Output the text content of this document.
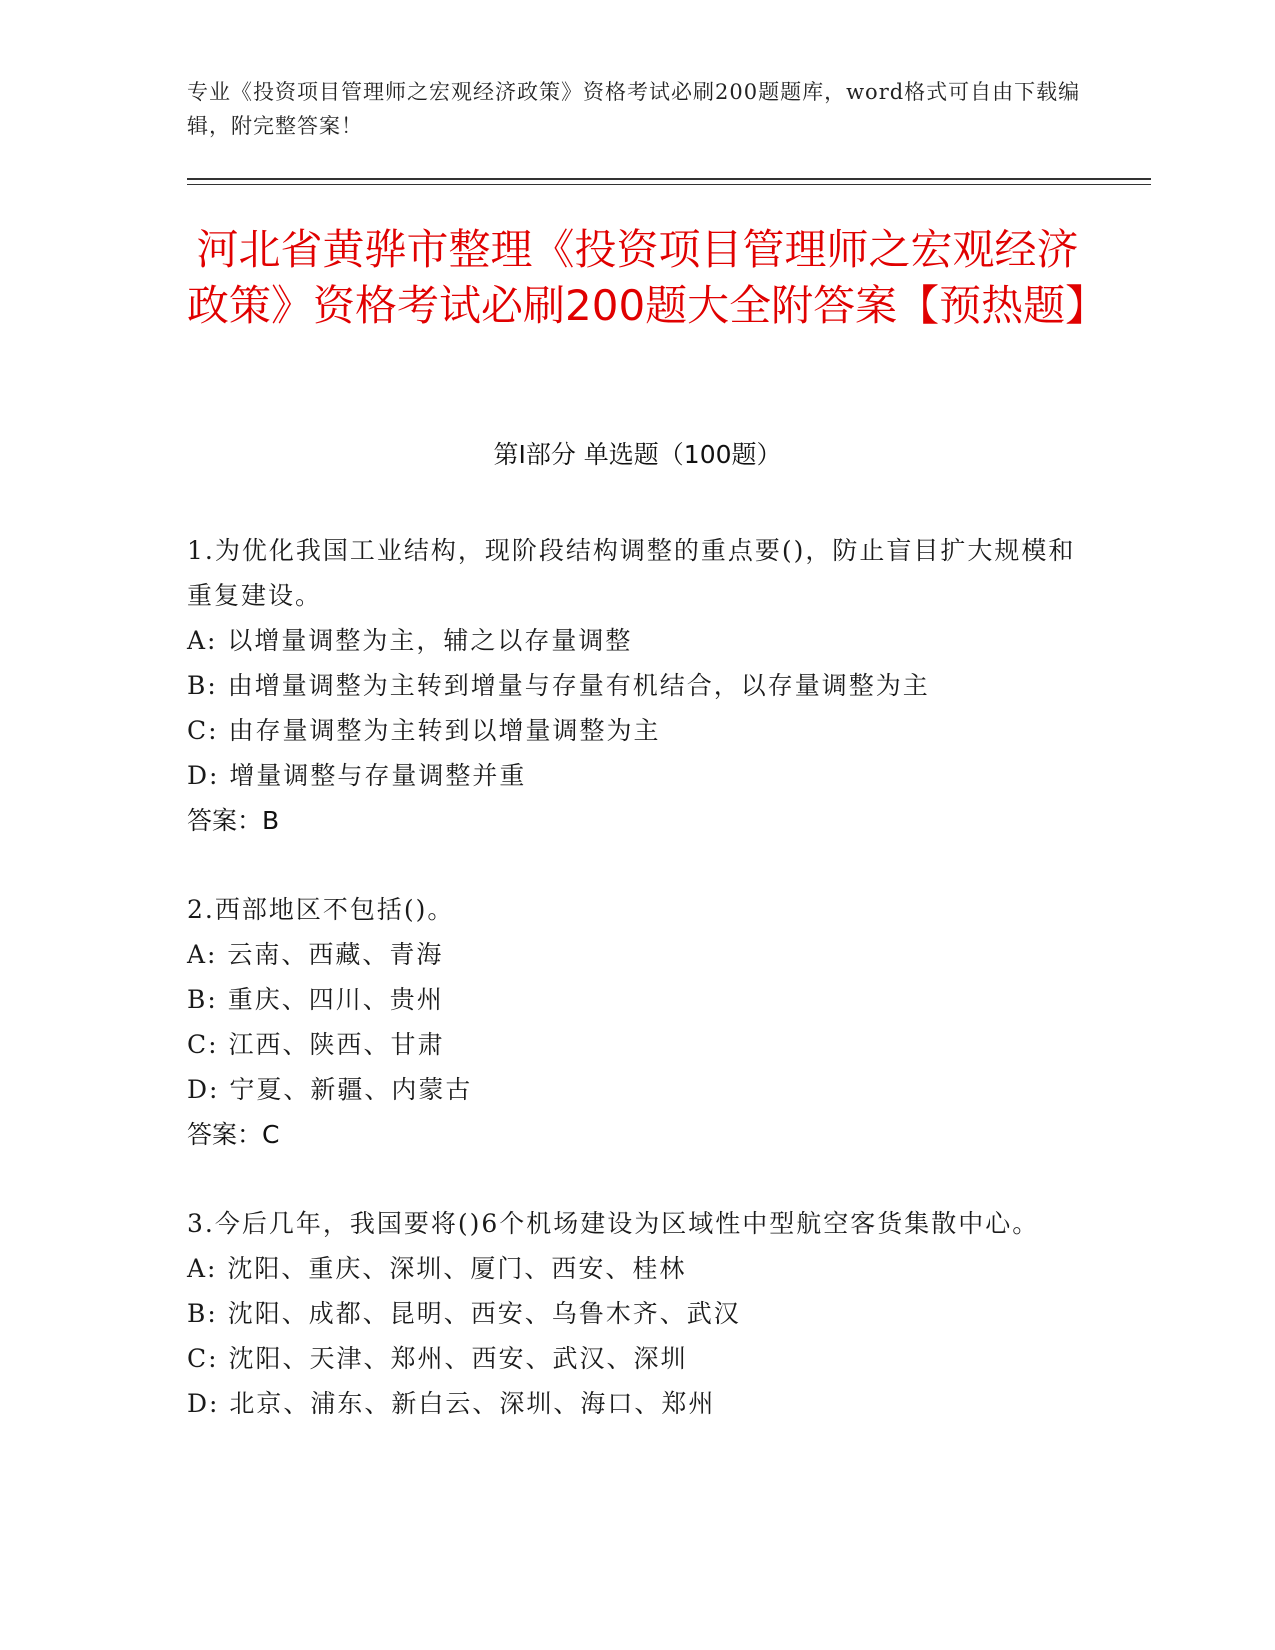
专业《投资项目管理师之宏观经济政策》资格考试必刷200题题库，word格式可自由下载编辑，附完整答案！
河北省黄骅市整理《投资项目管理师之宏观经济政策》资格考试必刷200题大全附答案【预热题】
第Ⅰ部分 单选题（100题）
1.为优化我国工业结构，现阶段结构调整的重点要()，防止盲目扩大规模和重复建设。
A: 以增量调整为主，辅之以存量调整
B: 由增量调整为主转到增量与存量有机结合，以存量调整为主
C: 由存量调整为主转到以增量调整为主
D: 增量调整与存量调整并重
答案：B
2.西部地区不包括()。
A: 云南、西藏、青海
B: 重庆、四川、贵州
C: 江西、陕西、甘肃
D: 宁夏、新疆、内蒙古
答案：C
3.今后几年，我国要将()6个机场建设为区域性中型航空客货集散中心。
A: 沈阳、重庆、深圳、厦门、西安、桂林
B: 沈阳、成都、昆明、西安、乌鲁木齐、武汉
C: 沈阳、天津、郑州、西安、武汉、深圳
D: 北京、浦东、新白云、深圳、海口、郑州
